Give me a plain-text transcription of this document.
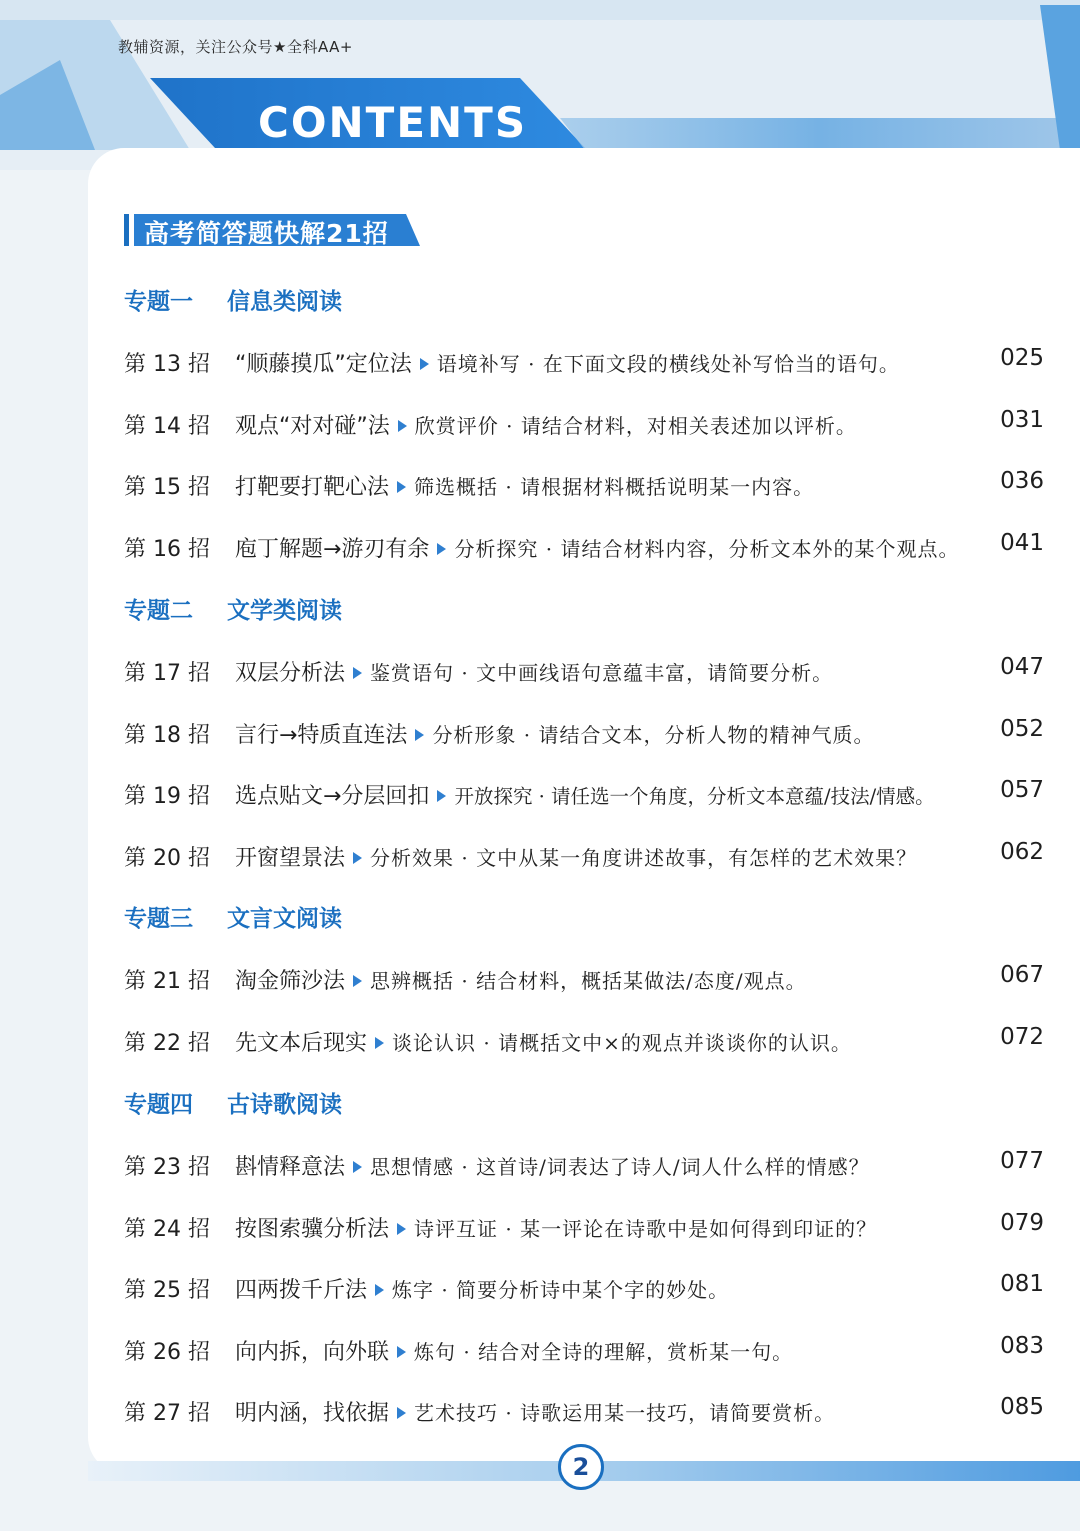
教辅资源，关注公众号★全科AA+
CONTENTS
高考简答题快解21招
专题一 信息类阅读
第 13 招 “顺藤摸瓜”定位法 语境补写 · 在下面文段的横线处补写恰当的语句。	025
第 14 招 观点“对对碰”法 欣赏评价 · 请结合材料，对相关表述加以评析。	031
第 15 招 打靶要打靶心法 筛选概括 · 请根据材料概括说明某一内容。	036
第 16 招 庖丁解题→游刃有余 分析探究 · 请结合材料内容，分析文本外的某个观点。 041
专题二 文学类阅读
第 17 招 双层分析法 鉴赏语句 · 文中画线语句意蕴丰富，请简要分析。	047
第 18 招 言行→特质直连法 分析形象 · 请结合文本，分析人物的精神气质。	052
第 19 招 选点贴文→分层回扣 开放探究 · 请任选一个角度，分析文本意蕴/技法/情感。	057
第 20 招 开窗望景法 分析效果 · 文中从某一角度讲述故事，有怎样的艺术效果？	062
专题三 文言文阅读
第 21 招 淘金筛沙法 思辨概括 · 结合材料，概括某做法/态度/观点。	067
第 22 招 先文本后现实 谈论认识 · 请概括文中×的观点并谈谈你的认识。	072
专题四 古诗歌阅读
第 23 招 斟情释意法 思想情感 · 这首诗/词表达了诗人/词人什么样的情感？	077
第 24 招 按图索骥分析法 诗评互证 · 某一评论在诗歌中是如何得到印证的？	079
第 25 招 四两拨千斤法 炼字 · 简要分析诗中某个字的妙处。	081
第 26 招 向内拆，向外联 炼句 · 结合对全诗的理解，赏析某一句。	083
第 27 招 明内涵，找依据 艺术技巧 · 诗歌运用某一技巧，请简要赏析。	085
2
